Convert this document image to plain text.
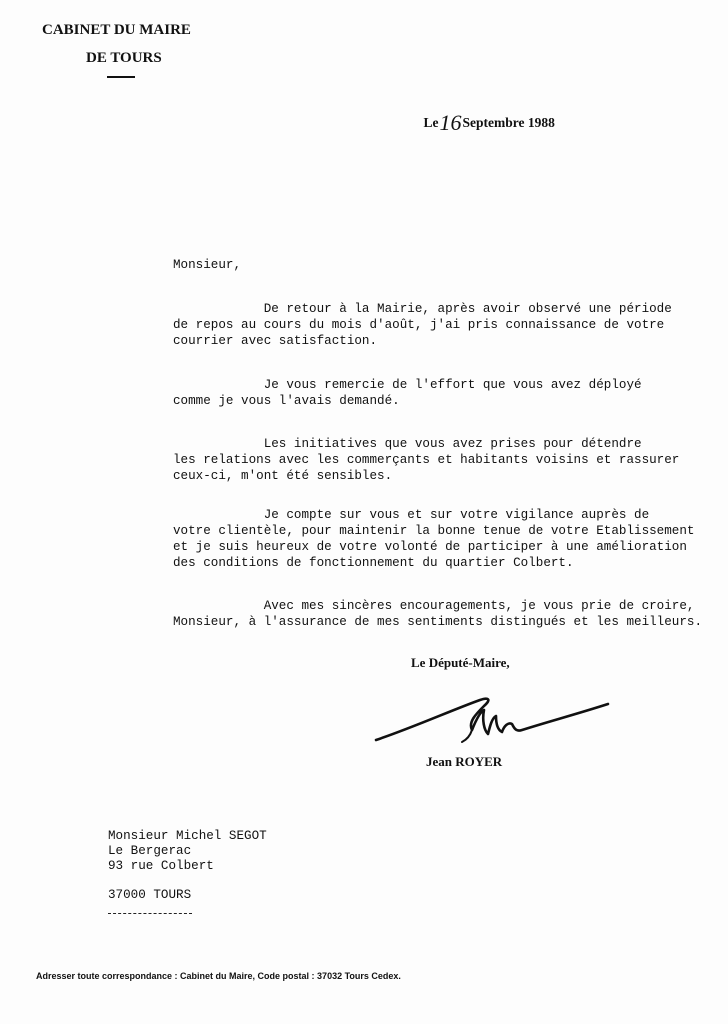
CABINET DU MAIRE
DE TOURS

Le16Septembre 1988

Monsieur,
De retour à la Mairie, après avoir observé une période
de repos au cours du mois d'août, j'ai pris connaissance de votre
courrier avec satisfaction.
Je vous remercie de l'effort que vous avez déployé
comme je vous l'avais demandé.
Les initiatives que vous avez prises pour détendre
les relations avec les commerçants et habitants voisins et rassurer
ceux-ci, m'ont été sensibles.
Je compte sur vous et sur votre vigilance auprès de
votre clientèle, pour maintenir la bonne tenue de votre Etablissement
et je suis heureux de votre volonté de participer à une amélioration
des conditions de fonctionnement du quartier Colbert.
Avec mes sincères encouragements, je vous prie de croire,
Monsieur, à l'assurance de mes sentiments distingués et les meilleurs.
Le Député-Maire,
Jean ROYER
Monsieur Michel SEGOT
Le Bergerac
93 rue Colbert
37000 TOURS
Adresser toute correspondance : Cabinet du Maire, Code postal : 37032 Tours Cedex.
